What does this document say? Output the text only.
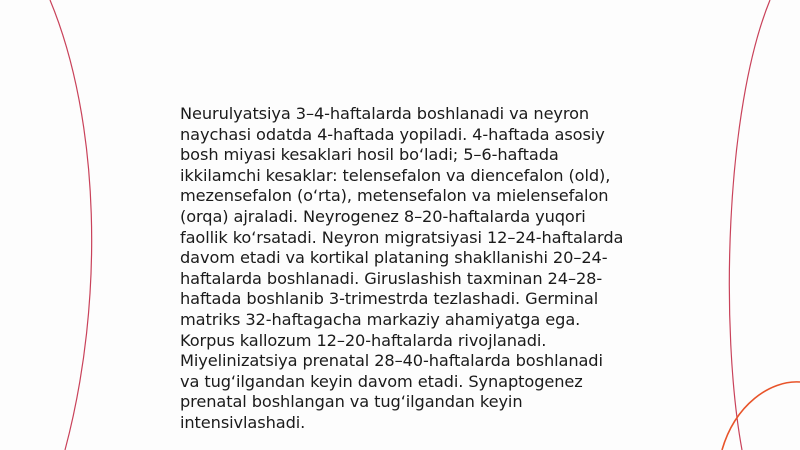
Neurulyatsiya 3–4-haftalarda boshlanadi va neyron naychasi odatda 4-haftada yopiladi. 4-haftada asosiy bosh miyasi kesaklari hosil bo‘ladi; 5–6-haftada ikkilamchi kesaklar: telensefalon va diencefalon (old), mezensefalon (o‘rta), metensefalon va mielensefalon (orqa) ajraladi. Neyrogenez 8–20-haftalarda yuqori faollik ko‘rsatadi. Neyron migratsiyasi 12–24-haftalarda davom etadi va kortikal plataning shakllanishi 20–24-haftalarda boshlanadi. Giruslashish taxminan 24–28-haftada boshlanib 3-trimestrda tezlashadi. Germinal matriks 32-haftagacha markaziy ahamiyatga ega. Korpus kallozum 12–20-haftalarda rivojlanadi. Miyelinizatsiya prenatal 28–40-haftalarda boshlanadi va tug‘ilgandan keyin davom etadi. Synaptogenez prenatal boshlangan va tug‘ilgandan keyin intensivlashadi.
